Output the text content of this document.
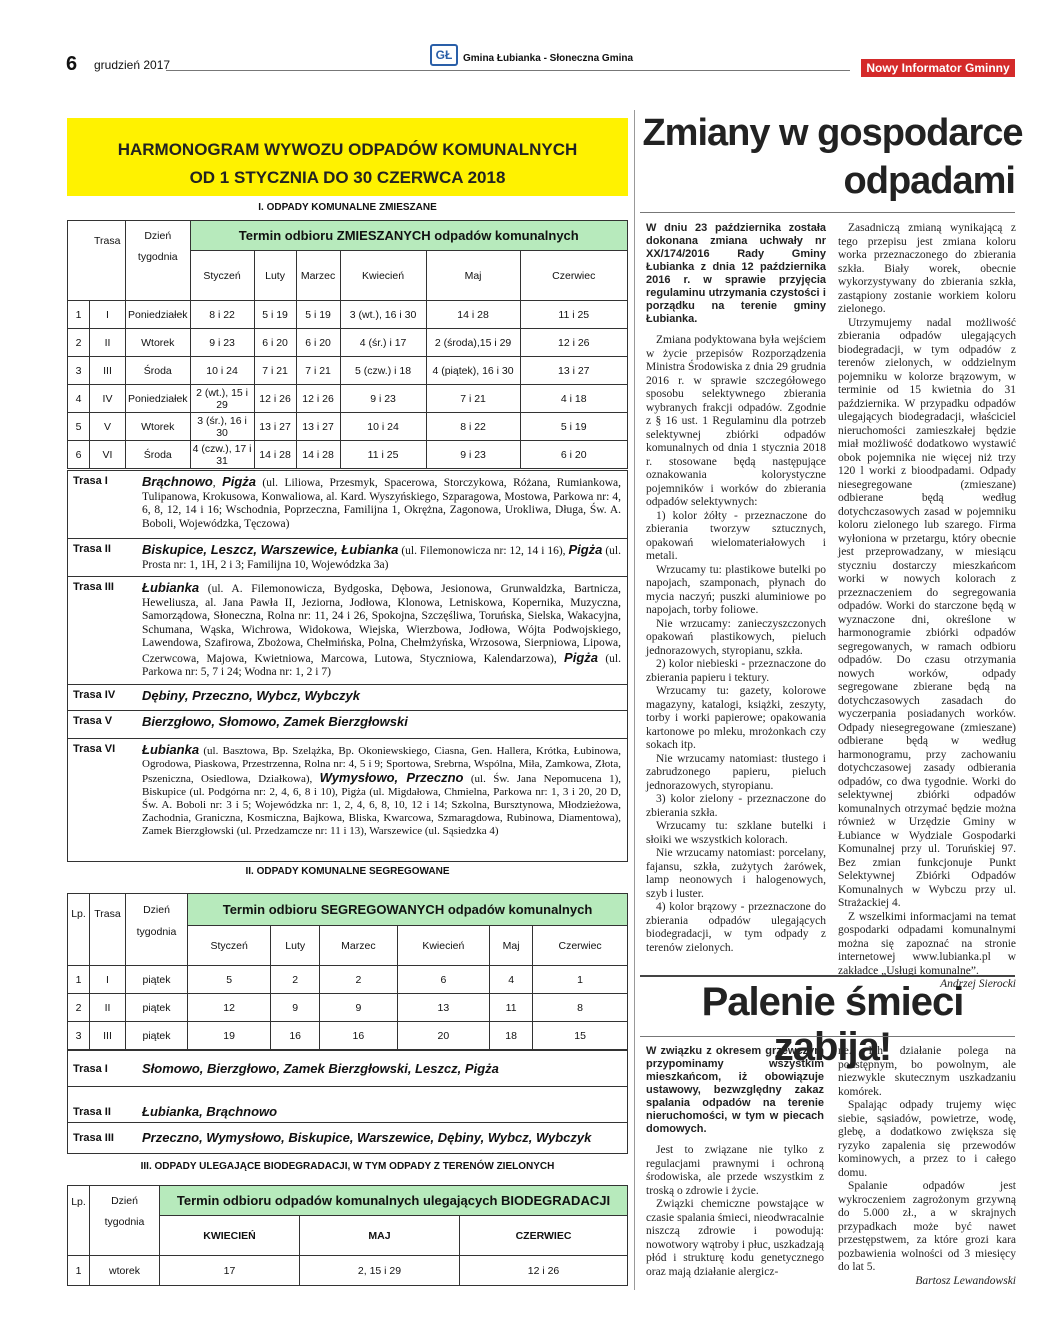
6 grudzień 2017
GŁ	Gmina Łubianka - Słoneczna Gmina
Nowy Informator Gminny
HARMONOGRAM WYWOZU ODPADÓW KOMUNALNYCH
OD 1 STYCZNIA DO 30 CZERWCA 2018
I. ODPADY KOMUNALNE ZMIESZANE
	Trasa	Dzień	Termin odbioru ZMIESZANYCH odpadów komunalnych					
		tygodnia	Styczeń	Luty	Marzec	Kwiecień	Maj	Czerwiec
1	I	Poniedziałek	8 i 22	5 i 19	5 i 19	3 (wt.), 16 i 30	14 i 28	11 i 25
2	II	Wtorek	9 i 23	6 i 20	6 i 20	4 (śr.) i 17	2 (środa),15 i 29	12 i 26
3	III	Środa	10 i 24	7 i 21	7 i 21	5 (czw.) i 18	4 (piątek), 16 i 30	13 i 27
4	IV	Poniedziałek	2 (wt.), 15 i 29	12 i 26	12 i 26	9 i 23	7 i 21	4 i 18
5	V	Wtorek	3 (śr.), 16 i 30	13 i 27	13 i 27	10 i 24	8 i 22	5 i 19
6	VI	Środa	4 (czw.), 17 i 31	14 i 28	14 i 28	11 i 25	9 i 23	6 i 20
Trasa I	Brąchnowo, Pigża (ul. Liliowa, Przesmyk, Spacerowa, Storczykowa, Różana, Rumiankowa, Tulipanowa, Krokusowa, Konwaliowa, al. Kard. Wyszyńskiego, Szparagowa, Mostowa, Parkowa nr: 4, 6, 8, 12, 14 i 16; Wschodnia, Poprzeczna, Familijna 1, Okrężna, Zagonowa, Urokliwa, Długa, Św. A. Boboli, Wojewódzka, Tęczowa)
Trasa II	Biskupice, Leszcz, Warszewice, Łubianka (ul. Filemonowicza nr: 12, 14 i 16), Pigża (ul. Prosta nr: 1, 1H, 2 i 3; Familijna 10, Wojewódzka 3a)
Trasa III	Łubianka (ul. A. Filemonowicza, Bydgoska, Dębowa, Jesionowa, Grunwaldzka, Bartnicza, Heweliusza, al. Jana Pawła II, Jeziorna, Jodłowa, Klonowa, Letniskowa, Kopernika, Muzyczna, Samorządowa, Słoneczna, Rolna nr: 11, 24 i 26, Spokojna, Szczęśliwa, Toruńska, Sielska, Wakacyjna, Schumana, Wąska, Wichrowa, Widokowa, Wiejska, Wierzbowa, Jodłowa, Wójta Podwojskiego, Lawendowa, Szafirowa, Zbożowa, Chełmińska, Polna, Chełmżyńska, Wrzosowa, Sierpniowa, Lipowa, Czerwcowa, Majowa, Kwietniowa, Marcowa, Lutowa, Styczniowa, Kalendarzowa), Pigża (ul. Parkowa nr: 5, 7 i 24; Wodna nr: 1, 2 i 7)
Trasa IV	Dębiny, Przeczno, Wybcz, Wybczyk
Trasa V	Bierzgłowo, Słomowo, Zamek Bierzgłowski
Trasa VI	Łubianka (ul. Basztowa, Bp. Szelążka, Bp. Okoniewskiego, Ciasna, Gen. Hallera, Krótka, Łubinowa, Ogrodowa, Piaskowa, Przestrzenna, Rolna nr: 4, 5 i 9; Sportowa, Srebrna, Wspólna, Miła, Zamkowa, Złota, Pszeniczna, Osiedlowa, Działkowa), Wymysłowo, Przeczno (ul. Św. Jana Nepomucena 1), Biskupice (ul. Podgórna nr: 2, 4, 6, 8 i 10), Pigża (ul. Migdałowa, Chmielna, Parkowa nr: 1, 3 i 20, 20 D, Św. A. Boboli nr: 3 i 5; Wojewódzka nr: 1, 2, 4, 6, 8, 10, 12 i 14; Szkolna, Bursztynowa, Młodzieżowa, Zachodnia, Graniczna, Kosmiczna, Bajkowa, Bliska, Kwarcowa, Szmaragdowa, Rubinowa, Diamentowa), Zamek Bierzgłowski (ul. Przedzamcze nr: 11 i 13), Warszewice (ul. Sąsiedzka 4)
II. ODPADY KOMUNALNE SEGREGOWANE
Lp.	Trasa	Dzień	Termin odbioru SEGREGOWANYCH odpadów komunalnych					
		tygodnia	Styczeń	Luty	Marzec	Kwiecień	Maj	Czerwiec
1	I	piątek	5	2	2	6	4	1
2	II	piątek	12	9	9	13	11	8
3	III	piątek	19	16	16	20	18	15
Trasa I	Słomowo, Bierzgłowo, Zamek Bierzgłowski, Leszcz, Pigża
Trasa II	Łubianka, Brąchnowo
Trasa III	Przeczno, Wymysłowo, Biskupice, Warszewice, Dębiny, Wybcz, Wybczyk
III. ODPADY ULEGAJĄCE BIODEGRADACJI, W TYM ODPADY Z TERENÓW ZIELONYCH
Lp.	Dzień	Termin odbioru odpadów komunalnych ulegających BIODEGRADACJI		
	tygodnia	KWIECIEŃ	MAJ	CZERWIEC
1	wtorek	17	2, 15 i 29	12 i 26
Zmiany w gospodarce
odpadami
W dniu 23 października została dokonana zmiana uchwały nr XX/174/2016 Rady Gminy Łubianka z dnia 12 października 2016 r. w sprawie przyjęcia regulaminu utrzymania czystości i porządku na terenie gminy Łubianka.

Zmiana podyktowana była wejściem w życie przepisów Rozporządzenia Ministra Środowiska z dnia 29 grudnia 2016 r. w sprawie szczegółowego sposobu selektywnego zbierania wybranych frakcji odpadów. Zgodnie z § 16 ust. 1 Regulaminu dla potrzeb selektywnej zbiórki odpadów komunalnych od dnia 1 stycznia 2018 r. stosowane będą następujące oznakowania kolorystyczne pojemników i worków do zbierania odpadów selektywnych:

1) kolor żółty - przeznaczone do zbierania tworzyw sztucznych, opakowań wielomateriałowych i metali.

Wrzucamy tu: plastikowe butelki po napojach, szamponach, płynach do mycia naczyń; puszki aluminiowe po napojach, torby foliowe.

Nie wrzucamy: zanieczyszczonych opakowań plastikowych, pieluch jednorazowych, styropianu, szkła.

2) kolor niebieski - przeznaczone do zbierania papieru i tektury.

Wrzucamy tu: gazety, kolorowe magazyny, katalogi, książki, zeszyty, torby i worki papierowe; opakowania kartonowe po mleku, mrożonkach czy sokach itp.

Nie wrzucamy natomiast: tłustego i zabrudzonego papieru, pieluch jednorazowych, styropianu.

3) kolor zielony - przeznaczone do zbierania szkła.

Wrzucamy tu: szklane butelki i słoiki we wszystkich kolorach.

Nie wrzucamy natomiast: porcelany, fajansu, szkła, zużytych żarówek, lamp neonowych i halogenowych, szyb i luster.

4) kolor brązowy - przeznaczone do zbierania odpadów ulegających biodegradacji, w tym odpady z terenów zielonych.

Zasadniczą zmianą wynikającą z tego przepisu jest zmiana koloru worka przeznaczonego do zbierania szkła. Biały worek, obecnie wykorzystywany do zbierania szkła, zastąpiony zostanie workiem koloru zielonego.

Utrzymujemy nadal możliwość zbierania odpadów ulegających biodegradacji, w tym odpadów z terenów zielonych, w oddzielnym pojemniku w kolorze brązowym, w terminie od 15 kwietnia do 31 października. W przypadku odpadów ulegających biodegradacji, właściciel nieruchomości zamieszkałej będzie miał możliwość dodatkowo wystawić obok pojemnika nie więcej niż trzy 120 l worki z bioodpadami. Odpady niesegregowane (zmieszane) odbierane będą według dotychczasowych zasad w pojemniku koloru zielonego lub szarego. Firma wyłoniona w przetargu, który obecnie jest przeprowadzany, w miesiącu styczniu dostarczy mieszkańcom worki w nowych kolorach z przeznaczeniem do segregowania odpadów. Worki do starczone będą w wyznaczone dni, określone w harmonogramie zbiórki odpadów segregowanych, w ramach odbioru odpadów. Do czasu otrzymania nowych worków, odpady segregowane zbierane będą na dotychczasowych zasadach do wyczerpania posiadanych worków. Odpady niesegregowane (zmieszane) odbierane będą w według harmonogramu, przy zachowaniu dotychczasowej zasady odbierania odpadów, co dwa tygodnie. Worki do selektywnej zbiórki odpadów komunalnych otrzymać będzie można również w Urzędzie Gminy w Łubiance w Wydziale Gospodarki Komunalnej przy ul. Toruńskiej 97. Bez zmian funkcjonuje Punkt Selektywnej Zbiórki Odpadów Komunalnych w Wybczu przy ul. Strażackiej 4.

Z wszelkimi informacjami na temat gospodarki odpadami komunalnymi można się zapoznać na stronie internetowej www.lubianka.pl w zakładce „Usługi komunalne”.

Andrzej Sierocki
Palenie śmieci zabija!
W związku z okresem grzewczym przypominamy wszystkim mieszkańcom, iż obowiązuje ustawowy, bezwzględny zakaz spalania odpadów na terenie nieruchomości, w tym w piecach domowych.

Jest to związane nie tylko z regulacjami prawnymi i ochroną środowiska, ale przede wszystkim z troską o zdrowie i życie.

Związki chemiczne powstające w czasie spalania śmieci, nieodwracalnie niszczą zdrowie i powodują: nowotwory wątroby i płuc, uszkadzają płód i strukturę kodu genetycznego oraz mają działanie alergicz-

ne. Ich działanie polega na podstępnym, bo powolnym, ale niezwykle skutecznym uszkadzaniu komórek.

Spalając odpady trujemy więc siebie, sąsiadów, powietrze, wodę, glebę, a dodatkowo zwiększa się ryzyko zapalenia się przewodów kominowych, a przez to i całego domu.

Spalanie odpadów jest wykroczeniem zagrożonym grzywną do 5.000 zł., a w skrajnych przypadkach może być nawet przestępstwem, za które grozi kara pozbawienia wolności od 3 miesięcy do lat 5.

Bartosz Lewandowski
